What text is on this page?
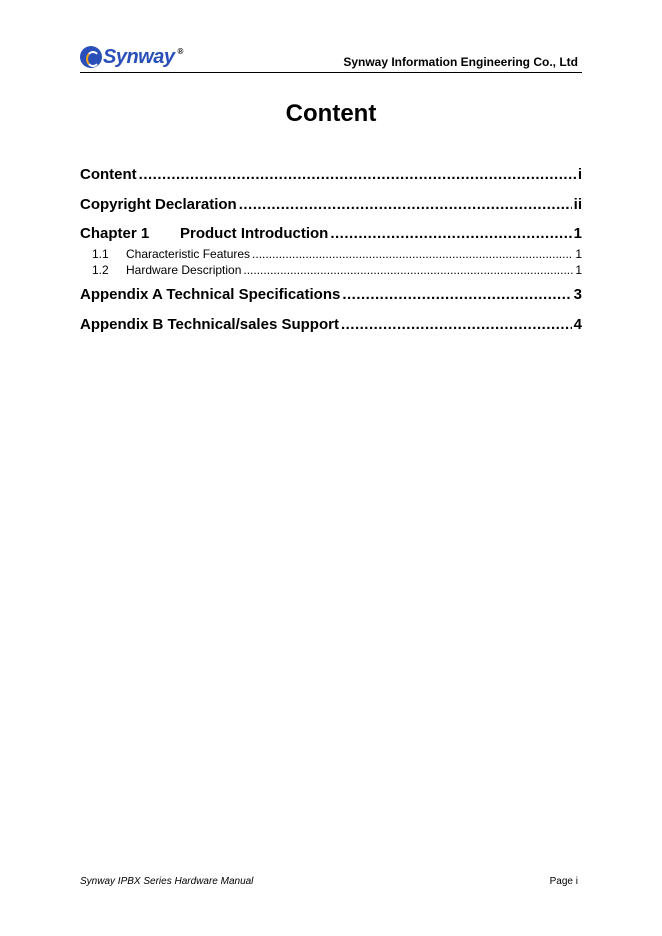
Synway ®
Synway Information Engineering Co., Ltd
Content
Content .....	i
Copyright Declaration .....	ii
Chapter 1	Product Introduction .....	1
1.1	Characteristic Features .....	1
1.2	Hardware Description .....	1
Appendix A Technical Specifications .....	3
Appendix B Technical/sales Support .....	4
Synway IPBX Series Hardware Manual	Page i
